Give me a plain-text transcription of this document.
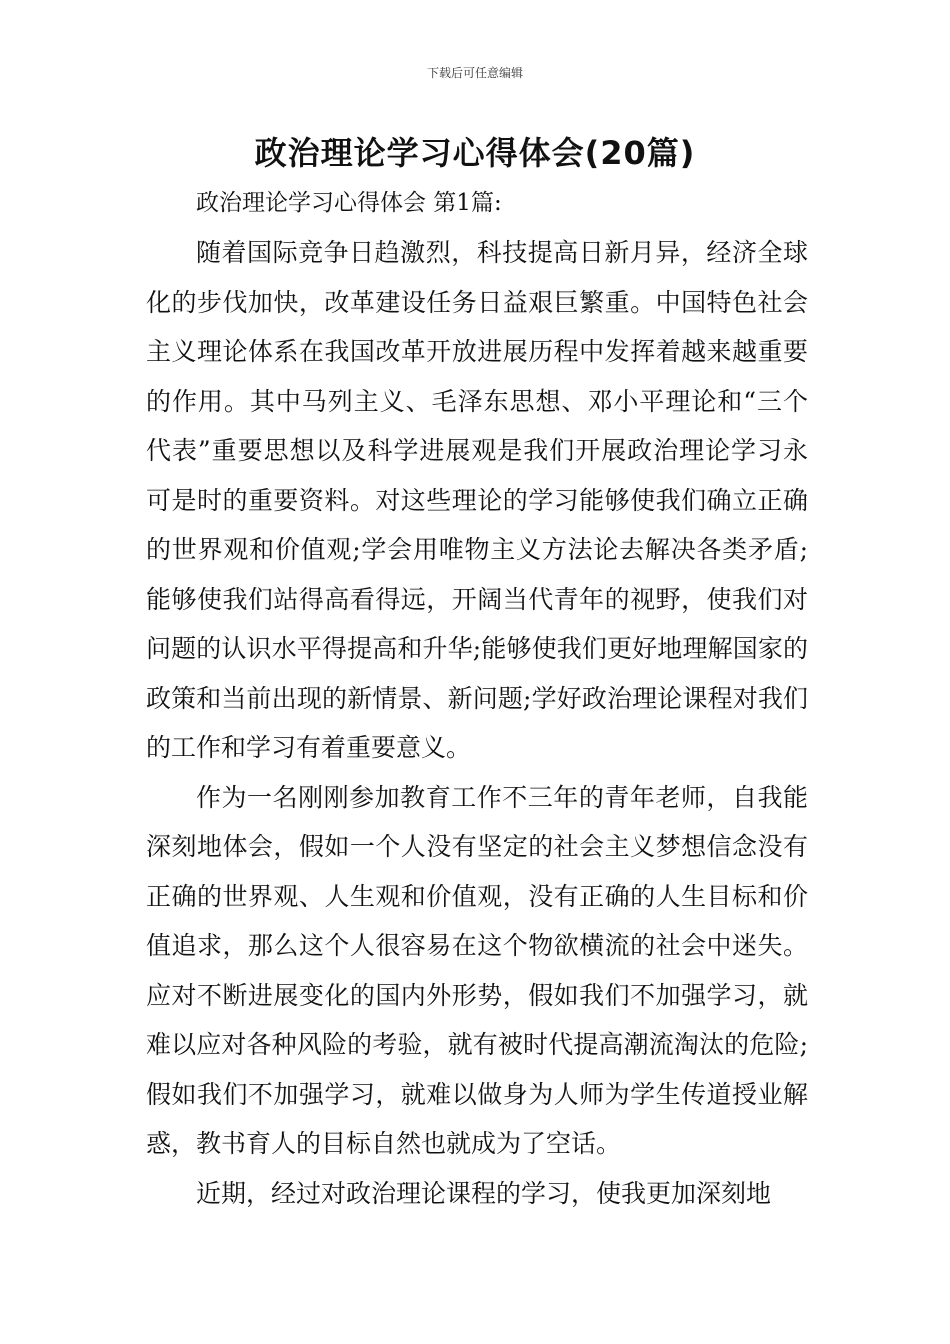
下载后可任意编辑
政治理论学习心得体会(20篇)
政治理论学习心得体会 第1篇:

随着国际竞争日趋激烈，科技提高日新月异，经济全球化的步伐加快，改革建设任务日益艰巨繁重。中国特色社会主义理论体系在我国改革开放进展历程中发挥着越来越重要的作用。其中马列主义、毛泽东思想、邓小平理论和“三个代表”重要思想以及科学进展观是我们开展政治理论学习永可是时的重要资料。对这些理论的学习能够使我们确立正确的世界观和价值观;学会用唯物主义方法论去解决各类矛盾;能够使我们站得高看得远，开阔当代青年的视野，使我们对问题的认识水平得提高和升华;能够使我们更好地理解国家的政策和当前出现的新情景、新问题;学好政治理论课程对我们的工作和学习有着重要意义。

作为一名刚刚参加教育工作不三年的青年老师，自我能深刻地体会，假如一个人没有坚定的社会主义梦想信念没有正确的世界观、人生观和价值观，没有正确的人生目标和价值追求，那么这个人很容易在这个物欲横流的社会中迷失。应对不断进展变化的国内外形势，假如我们不加强学习，就难以应对各种风险的考验，就有被时代提高潮流淘汰的危险;假如我们不加强学习，就难以做身为人师为学生传道授业解惑，教书育人的目标自然也就成为了空话。

近期，经过对政治理论课程的学习，使我更加深刻地
